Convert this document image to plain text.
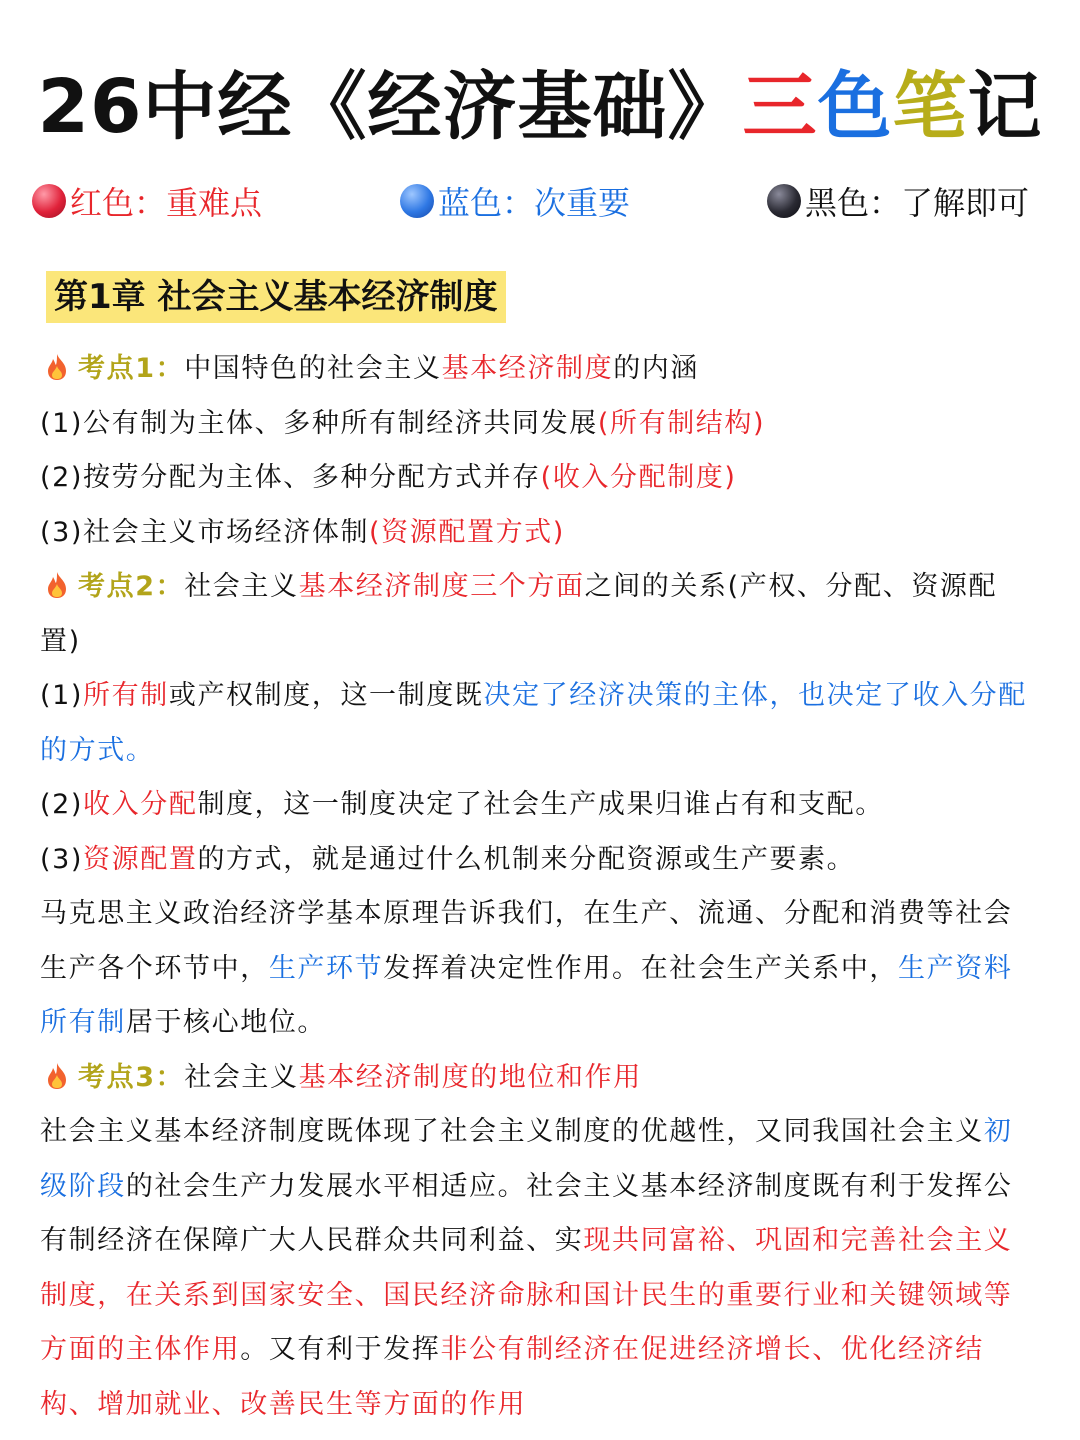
26中经《经济基础》三色笔记
红色：重难点	蓝色：次重要	黑色：了解即可
第1章 社会主义基本经济制度
考点1：中国特色的社会主义基本经济制度的内涵
(1)公有制为主体、多种所有制经济共同发展(所有制结构)
(2)按劳分配为主体、多种分配方式并存(收入分配制度)
(3)社会主义市场经济体制(资源配置方式)
考点2：社会主义基本经济制度三个方面之间的关系(产权、分配、资源配
置)
(1)所有制或产权制度，这一制度既决定了经济决策的主体，也决定了收入分配
的方式。
(2)收入分配制度，这一制度决定了社会生产成果归谁占有和支配。
(3)资源配置的方式，就是通过什么机制来分配资源或生产要素。
马克思主义政治经济学基本原理告诉我们，在生产、流通、分配和消费等社会
生产各个环节中，生产环节发挥着决定性作用。在社会生产关系中，生产资料
所有制居于核心地位。
考点3：社会主义基本经济制度的地位和作用
社会主义基本经济制度既体现了社会主义制度的优越性，又同我国社会主义初
级阶段的社会生产力发展水平相适应。社会主义基本经济制度既有利于发挥公
有制经济在保障广大人民群众共同利益、实现共同富裕、巩固和完善社会主义
制度，在关系到国家安全、国民经济命脉和国计民生的重要行业和关键领域等
方面的主体作用。又有利于发挥非公有制经济在促进经济增长、优化经济结
构、增加就业、改善民生等方面的作用
